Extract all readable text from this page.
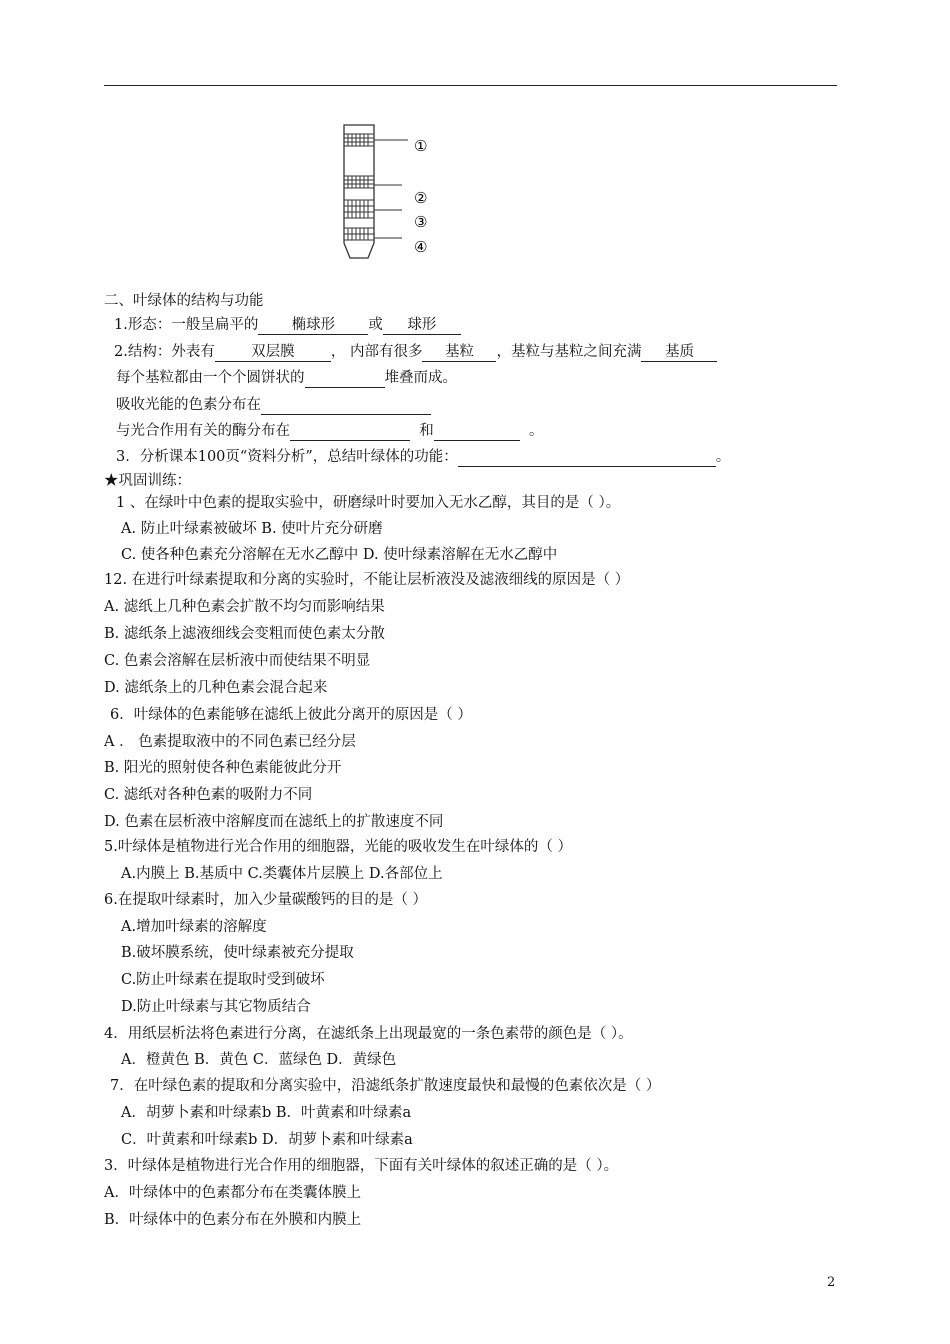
①
②
③
④
二、叶绿体的结构与功能
1.形态：一般呈扁平的 椭球形 或 球形
2.结构：外表有	双层膜	， 内部有很多 基粒 ，基粒与基粒之间充满 基质
每个基粒都由一个个圆饼状的	堆叠而成。
吸收光能的色素分布在
与光合作用有关的酶分布在	和	。
3．分析课本100页“资料分析”，总结叶绿体的功能：	。
★巩固训练：
1 、在绿叶中色素的提取实验中，研磨绿叶时要加入无水乙醇，其目的是（ ）。
A. 防止叶绿素被破坏 B. 使叶片充分研磨
C. 使各种色素充分溶解在无水乙醇中 D. 使叶绿素溶解在无水乙醇中
12. 在进行叶绿素提取和分离的实验时，不能让层析液没及滤液细线的原因是（ ）
A. 滤纸上几种色素会扩散不均匀而影响结果
B. 滤纸条上滤液细线会变粗而使色素太分散
C. 色素会溶解在层析液中而使结果不明显
D. 滤纸条上的几种色素会混合起来
6．叶绿体的色素能够在滤纸上彼此分离开的原因是（ ）
A ． 色素提取液中的不同色素已经分层
B. 阳光的照射使各种色素能彼此分开
C. 滤纸对各种色素的吸附力不同
D. 色素在层析液中溶解度而在滤纸上的扩散速度不同
5.叶绿体是植物进行光合作用的细胞器，光能的吸收发生在叶绿体的（ ）
A.内膜上 B.基质中 C.类囊体片层膜上 D.各部位上
6.在提取叶绿素时，加入少量碳酸钙的目的是（ ）
A.增加叶绿素的溶解度
B.破坏膜系统，使叶绿素被充分提取
C.防止叶绿素在提取时受到破坏
D.防止叶绿素与其它物质结合
4．用纸层析法将色素进行分离，在滤纸条上出现最宽的一条色素带的颜色是（ ）。
A．橙黄色 B．黄色 C．蓝绿色 D．黄绿色
7．在叶绿色素的提取和分离实验中，沿滤纸条扩散速度最快和最慢的色素依次是（ ）
A．胡萝卜素和叶绿素b B．叶黄素和叶绿素a
C．叶黄素和叶绿素b D．胡萝卜素和叶绿素a
3．叶绿体是植物进行光合作用的细胞器，下面有关叶绿体的叙述正确的是（ ）。
A．叶绿体中的色素都分布在类囊体膜上
B．叶绿体中的色素分布在外膜和内膜上
2
